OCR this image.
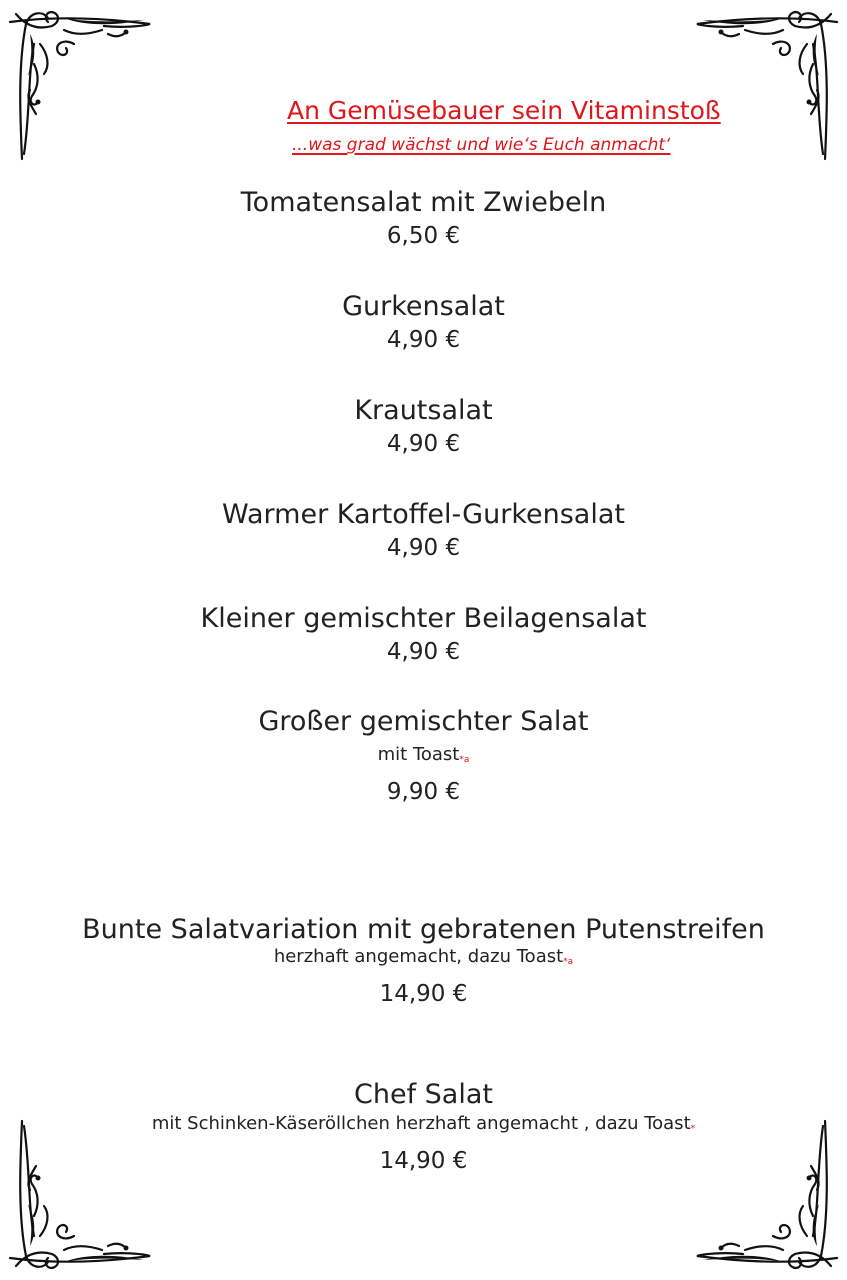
An Gemüsebauer sein Vitaminstoß
...was grad wächst und wie‘s Euch anmacht‘
Tomatensalat mit Zwiebeln
6,50 €
Gurkensalat
4,90 €
Krautsalat
4,90 €
Warmer Kartoffel-Gurkensalat
4,90 €
Kleiner gemischter Beilagensalat
4,90 €
Großer gemischter Salat
mit Toast*a
9,90 €
Bunte Salatvariation mit gebratenen Putenstreifen
herzhaft angemacht, dazu Toast*a
14,90 €
Chef Salat
mit Schinken-Käseröllchen herzhaft angemacht , dazu Toast*
14,90 €
